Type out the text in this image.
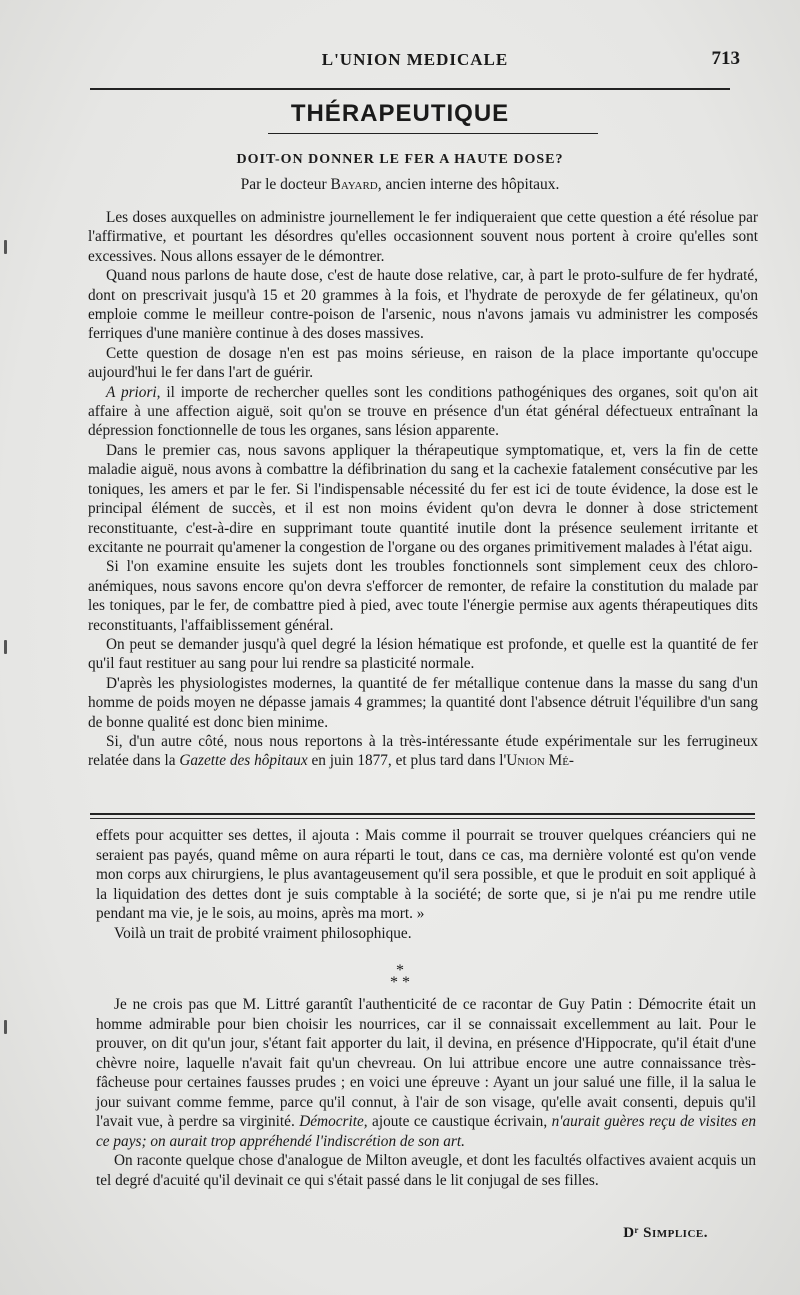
L'UNION MEDICALE	713
THÉRAPEUTIQUE
DOIT-ON DONNER LE FER A HAUTE DOSE?
Par le docteur Bayard, ancien interne des hôpitaux.

Les doses auxquelles on administre journellement le fer indiqueraient que cette question a été résolue par l'affirmative, et pourtant les désordres qu'elles occasionnent souvent nous portent à croire qu'elles sont excessives. Nous allons essayer de le démontrer.

Quand nous parlons de haute dose, c'est de haute dose relative, car, à part le proto-sulfure de fer hydraté, dont on prescrivait jusqu'à 15 et 20 grammes à la fois, et l'hydrate de peroxyde de fer gélatineux, qu'on emploie comme le meilleur contre-poison de l'arsenic, nous n'avons jamais vu administrer les composés ferriques d'une manière continue à des doses massives.

Cette question de dosage n'en est pas moins sérieuse, en raison de la place importante qu'occupe aujourd'hui le fer dans l'art de guérir.

A priori, il importe de rechercher quelles sont les conditions pathogéniques des organes, soit qu'on ait affaire à une affection aiguë, soit qu'on se trouve en présence d'un état général défectueux entraînant la dépression fonctionnelle de tous les organes, sans lésion apparente.

Dans le premier cas, nous savons appliquer la thérapeutique symptomatique, et, vers la fin de cette maladie aiguë, nous avons à combattre la défibrination du sang et la cachexie fatalement consécutive par les toniques, les amers et par le fer. Si l'indispensable nécessité du fer est ici de toute évidence, la dose est le principal élément de succès, et il est non moins évident qu'on devra le donner à dose strictement reconstituante, c'est-à-dire en supprimant toute quantité inutile dont la présence seulement irritante et excitante ne pourrait qu'amener la congestion de l'organe ou des organes primitivement malades à l'état aigu.

Si l'on examine ensuite les sujets dont les troubles fonctionnels sont simplement ceux des chloro-anémiques, nous savons encore qu'on devra s'efforcer de remonter, de refaire la constitution du malade par les toniques, par le fer, de combattre pied à pied, avec toute l'énergie permise aux agents thérapeutiques dits reconstituants, l'affaiblissement général.

On peut se demander jusqu'à quel degré la lésion hématique est profonde, et quelle est la quantité de fer qu'il faut restituer au sang pour lui rendre sa plasticité normale.

D'après les physiologistes modernes, la quantité de fer métallique contenue dans la masse du sang d'un homme de poids moyen ne dépasse jamais 4 grammes; la quantité dont l'absence détruit l'équilibre d'un sang de bonne qualité est donc bien minime.

Si, d'un autre côté, nous nous reportons à la très-intéressante étude expérimentale sur les ferrugineux relatée dans la Gazette des hôpitaux en juin 1877, et plus tard dans l'Union Mé-

effets pour acquitter ses dettes, il ajouta : Mais comme il pourrait se trouver quelques créanciers qui ne seraient pas payés, quand même on aura réparti le tout, dans ce cas, ma dernière volonté est qu'on vende mon corps aux chirurgiens, le plus avantageusement qu'il sera possible, et que le produit en soit appliqué à la liquidation des dettes dont je suis comptable à la société; de sorte que, si je n'ai pu me rendre utile pendant ma vie, je le sois, au moins, après ma mort. »

Voilà un trait de probité vraiment philosophique.

*
* *

Je ne crois pas que M. Littré garantît l'authenticité de ce racontar de Guy Patin : Démocrite était un homme admirable pour bien choisir les nourrices, car il se connaissait excellemment au lait. Pour le prouver, on dit qu'un jour, s'étant fait apporter du lait, il devina, en présence d'Hippocrate, qu'il était d'une chèvre noire, laquelle n'avait fait qu'un chevreau. On lui attribue encore une autre connaissance très-fâcheuse pour certaines fausses prudes ; en voici une épreuve : Ayant un jour salué une fille, il la salua le jour suivant comme femme, parce qu'il connut, à l'air de son visage, qu'elle avait consenti, depuis qu'il l'avait vue, à perdre sa virginité. Démocrite, ajoute ce caustique écrivain, n'aurait guères reçu de visites en ce pays; on aurait trop appréhendé l'indiscrétion de son art.

On raconte quelque chose d'analogue de Milton aveugle, et dont les facultés olfactives avaient acquis un tel degré d'acuité qu'il devinait ce qui s'était passé dans le lit conjugal de ses filles.

Dʳ Simplice.
